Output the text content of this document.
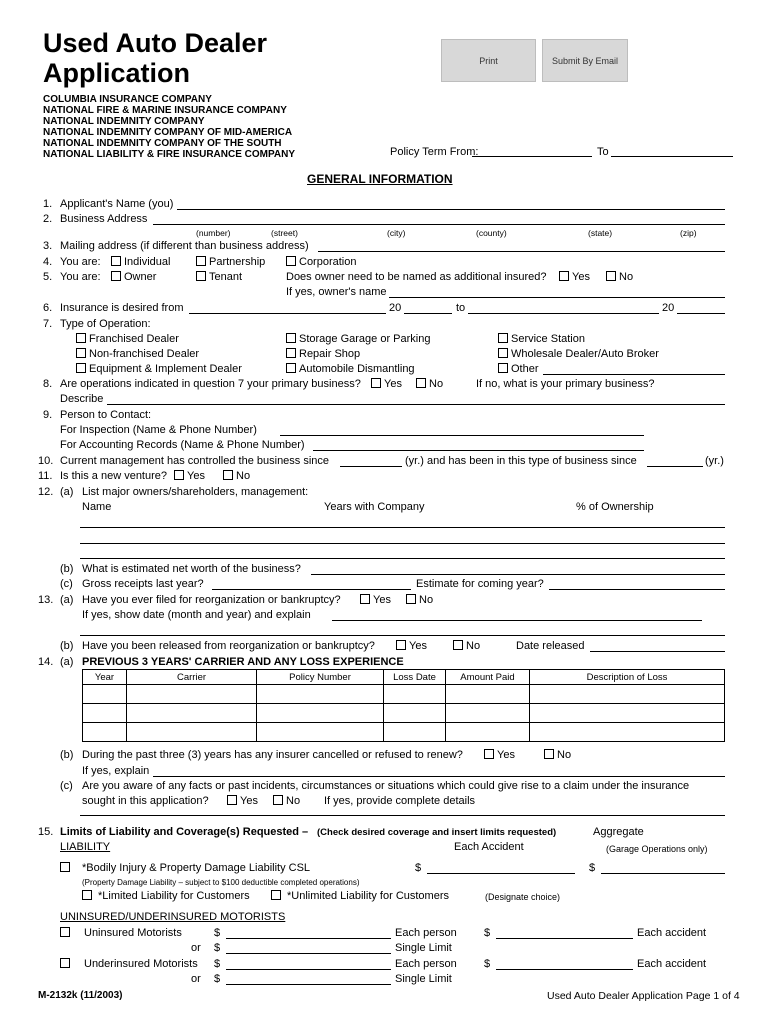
Used Auto Dealer
Application	Print	Submit By Email
COLUMBIA INSURANCE COMPANY
NATIONAL FIRE & MARINE INSURANCE COMPANY
NATIONAL INDEMNITY COMPANY
NATIONAL INDEMNITY COMPANY OF MID-AMERICA
NATIONAL INDEMNITY COMPANY OF THE SOUTH
NATIONAL LIABILITY & FIRE INSURANCE COMPANY	Policy Term From:	To
GENERAL INFORMATION
1. Applicant's Name (you)
2. Business Address
(number)	(street)	(city)	(county)	(state)	(zip)
3. Mailing address (if different than business address)
4. You are:	Individual	Partnership	Corporation
5. You are:	Owner	Tenant	Does owner need to be named as additional insured?	Yes	No
If yes, owner's name
6. Insurance is desired from	20	to	20
7. Type of Operation:
Franchised Dealer	Storage Garage or Parking	Service Station
Non-franchised Dealer	Repair Shop	Wholesale Dealer/Auto Broker
Equipment & Implement Dealer	Automobile Dismantling	Other
8. Are operations indicated in question 7 your primary business?	Yes	No	If no, what is your primary business?
Describe
9. Person to Contact:
For Inspection (Name & Phone Number)
For Accounting Records (Name & Phone Number)
10. Current management has controlled the business since	(yr.) and has been in this type of business since	(yr.)
11. Is this a new venture?	Yes	No
12. (a) List major owners/shareholders, management:
Name	Years with Company	% of Ownership
(b) What is estimated net worth of the business?
(c) Gross receipts last year?	Estimate for coming year?
13. (a) Have you ever filed for reorganization or bankruptcy?	Yes	No
If yes, show date (month and year) and explain
(b) Have you been released from reorganization or bankruptcy?	Yes	No	Date released
14. (a) PREVIOUS 3 YEARS' CARRIER AND ANY LOSS EXPERIENCE
Year	Carrier	Policy Number	Loss Date	Amount Paid	Description of Loss

(b) During the past three (3) years has any insurer cancelled or refused to renew?	Yes	No
If yes, explain
(c) Are you aware of any facts or past incidents, circumstances or situations which could give rise to a claim under the insurance
sought in this application?	Yes	No If yes, provide complete details
15. Limits of Liability and Coverage(s) Requested – (Check desired coverage and insert limits requested)	Aggregate
LIABILITY	Each Accident	(Garage Operations only)
*Bodily Injury & Property Damage Liability CSL	$	$
(Property Damage Liability – subject to $100 deductible completed operations)
*Limited Liability for Customers	*Unlimited Liability for Customers	(Designate choice)
UNINSURED/UNDERINSURED MOTORISTS
Uninsured Motorists	$	Each person $	Each accident
or $	Single Limit
Underinsured Motorists $	Each person $	Each accident
or $	Single Limit
M-2132k (11/2003)	Used Auto Dealer Application Page 1 of 4
